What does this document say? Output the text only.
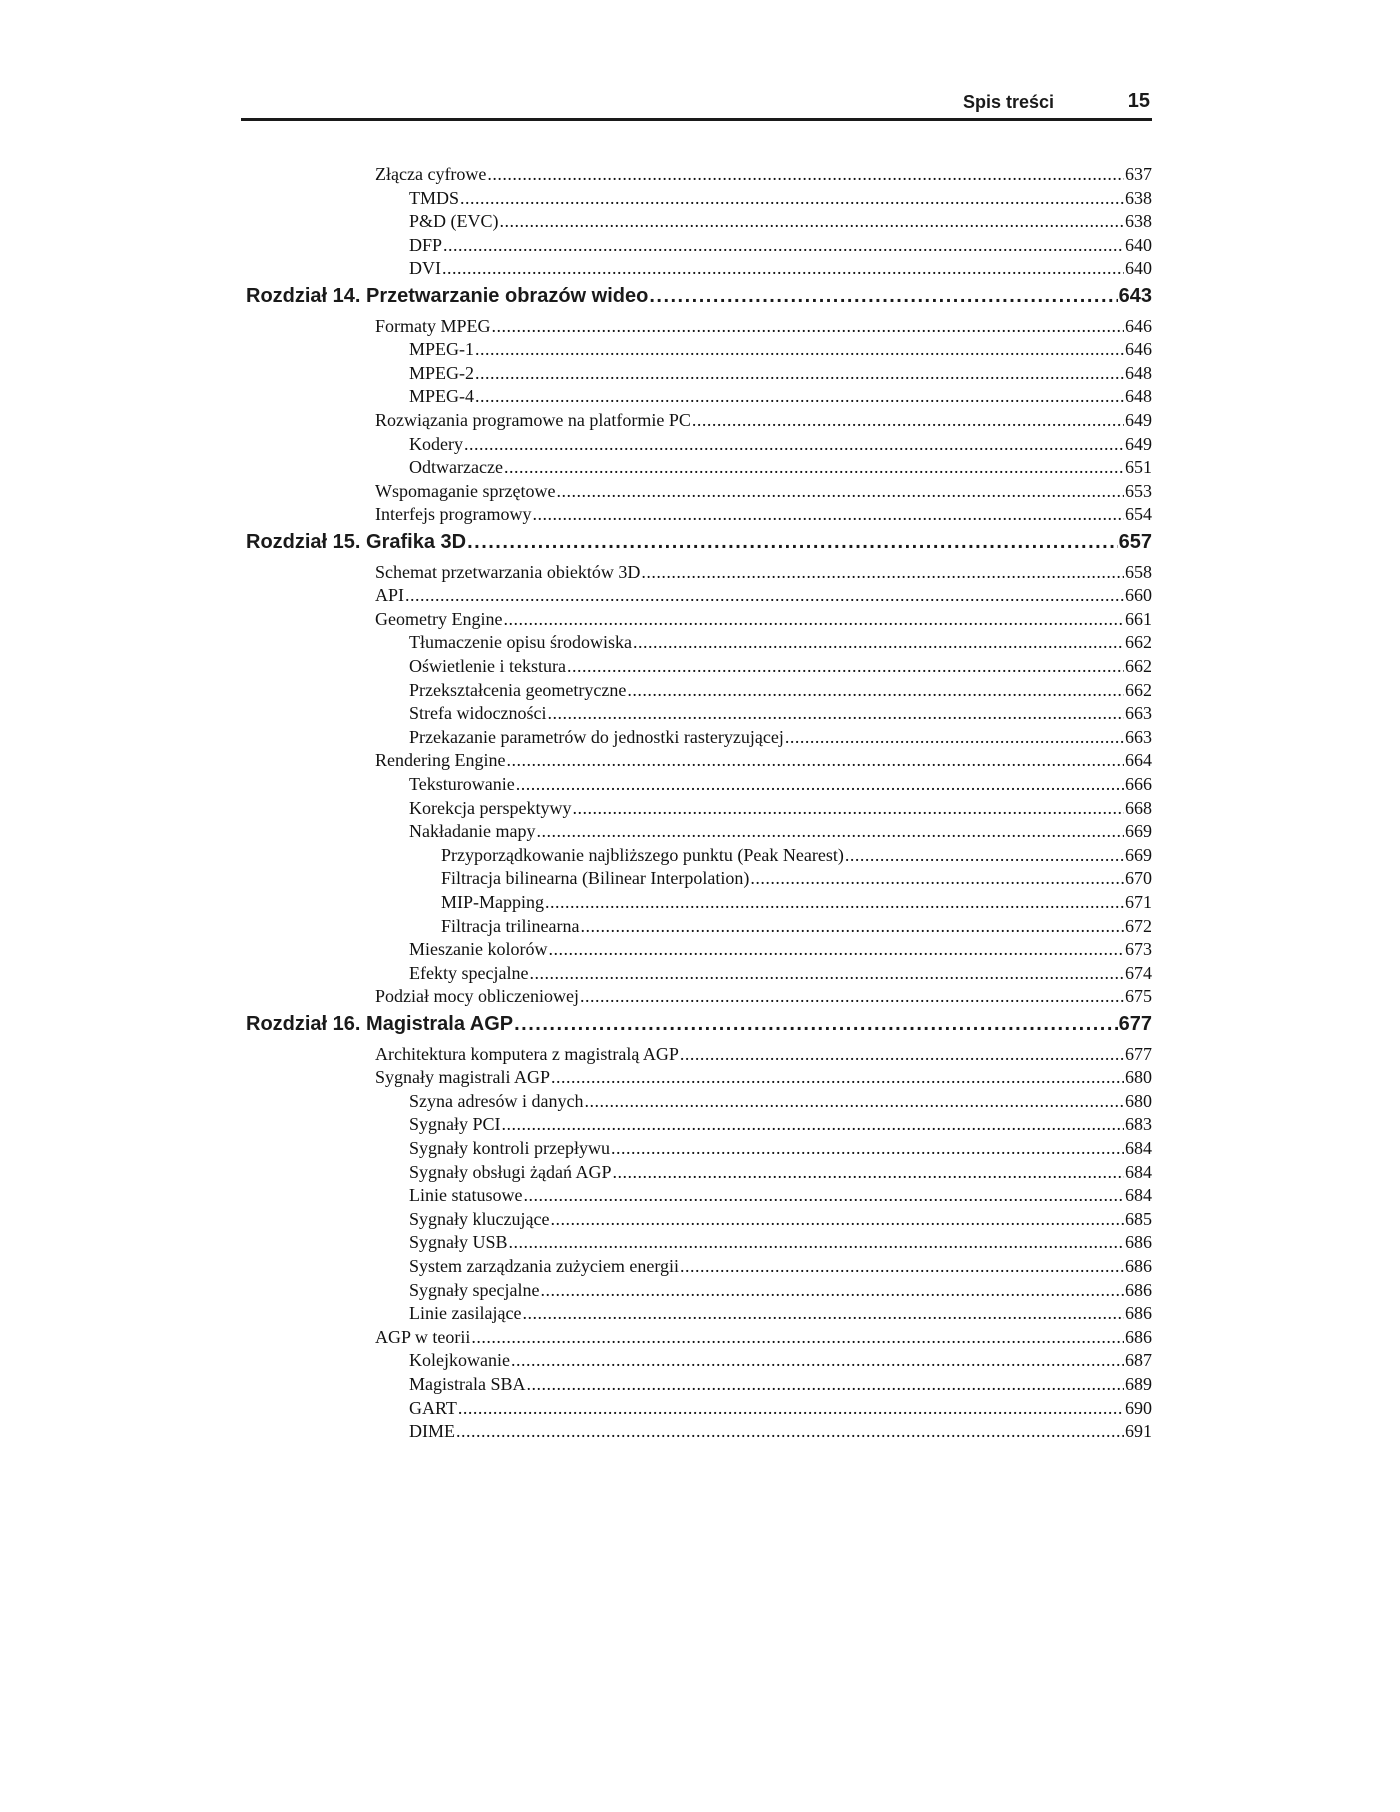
Spis treści	15
Złącza cyfrowe .....	637
TMDS .....	638
P&D (EVC) .....	638
DFP .....	640
DVI .....	640
Rozdział 14. Przetwarzanie obrazów wideo .....	643
Formaty MPEG .....	646
MPEG-1 .....	646
MPEG-2 .....	648
MPEG-4 .....	648
Rozwiązania programowe na platformie PC .....	649
Kodery .....	649
Odtwarzacze .....	651
Wspomaganie sprzętowe .....	653
Interfejs programowy .....	654
Rozdział 15. Grafika 3D .....	657
Schemat przetwarzania obiektów 3D .....	658
API .....	660
Geometry Engine .....	661
Tłumaczenie opisu środowiska .....	662
Oświetlenie i tekstura .....	662
Przekształcenia geometryczne .....	662
Strefa widoczności .....	663
Przekazanie parametrów do jednostki rasteryzującej .....	663
Rendering Engine .....	664
Teksturowanie .....	666
Korekcja perspektywy .....	668
Nakładanie mapy .....	669
Przyporządkowanie najbliższego punktu (Peak Nearest) .....	669
Filtracja bilinearna (Bilinear Interpolation) .....	670
MIP-Mapping .....	671
Filtracja trilinearna .....	672
Mieszanie kolorów .....	673
Efekty specjalne .....	674
Podział mocy obliczeniowej .....	675
Rozdział 16. Magistrala AGP .....	677
Architektura komputera z magistralą AGP .....	677
Sygnały magistrali AGP .....	680
Szyna adresów i danych .....	680
Sygnały PCI .....	683
Sygnały kontroli przepływu .....	684
Sygnały obsługi żądań AGP .....	684
Linie statusowe .....	684
Sygnały kluczujące .....	685
Sygnały USB .....	686
System zarządzania zużyciem energii .....	686
Sygnały specjalne .....	686
Linie zasilające .....	686
AGP w teorii .....	686
Kolejkowanie .....	687
Magistrala SBA .....	689
GART .....	690
DIME .....	691
